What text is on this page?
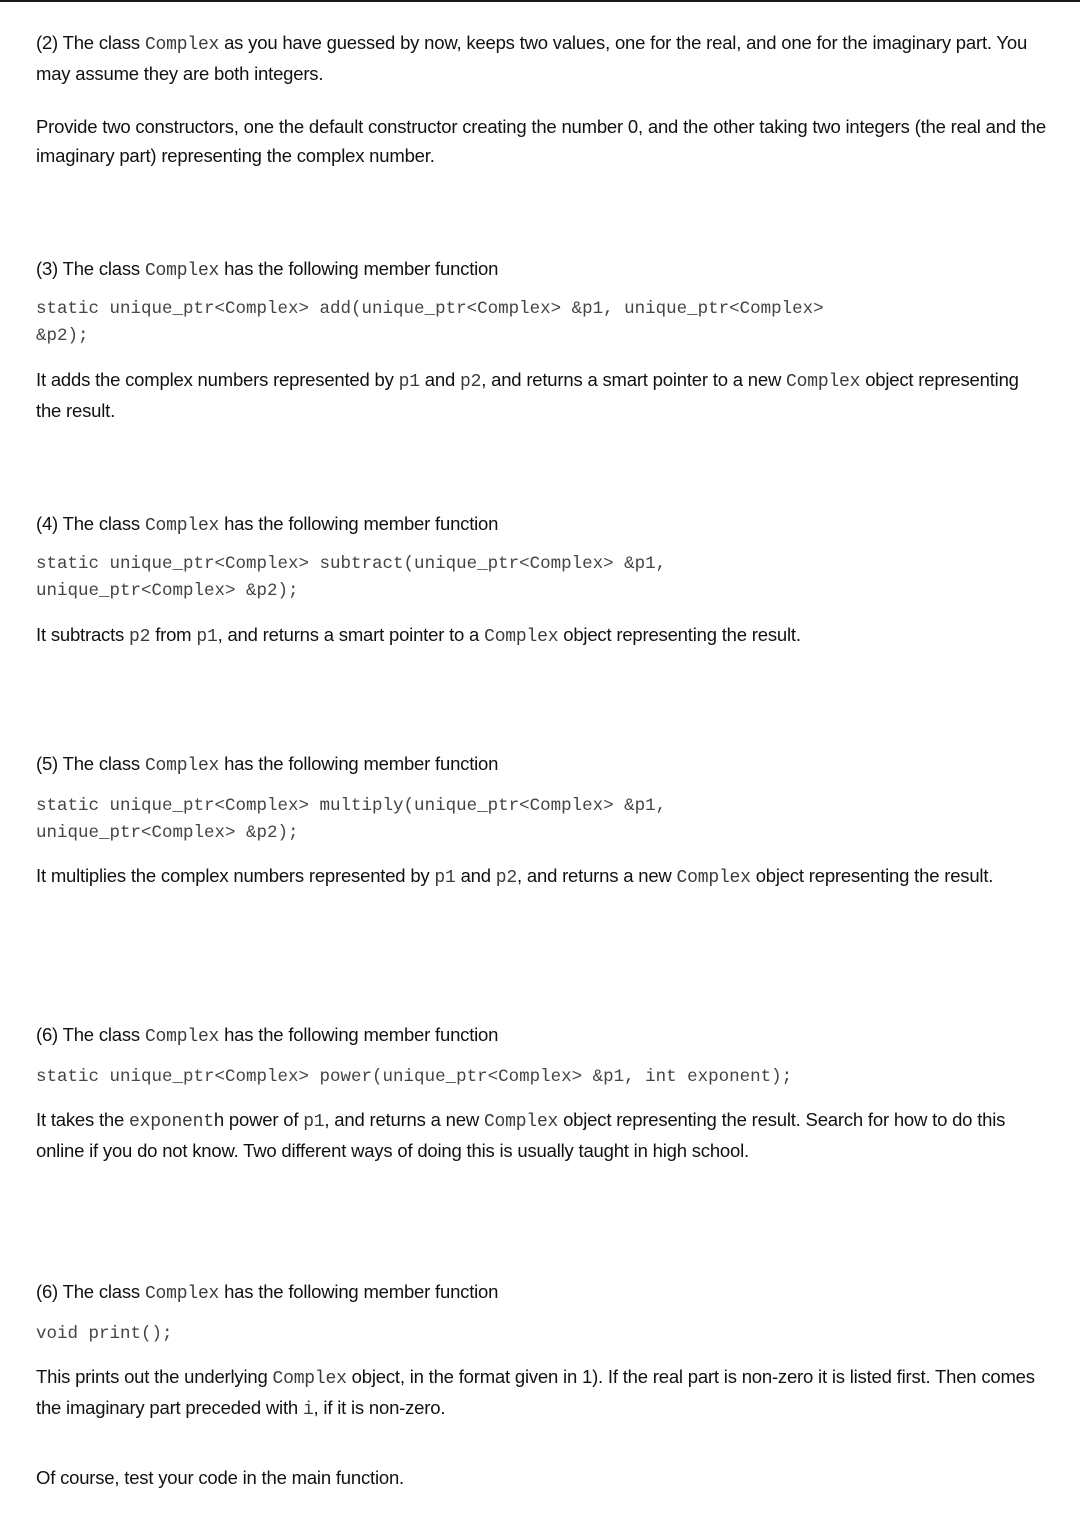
(2) The class Complex as you have guessed by now, keeps two values, one for the real, and one for the imaginary part. You may assume they are both integers.

Provide two constructors, one the default constructor creating the number 0, and the other taking two integers (the real and the imaginary part) representing the complex number.

(3) The class Complex has the following member function

static unique_ptr<Complex> add(unique_ptr<Complex> &p1, unique_ptr<Complex>
&p2);

It adds the complex numbers represented by p1 and p2, and returns a smart pointer to a new Complex object representing the result.

(4) The class Complex has the following member function

static unique_ptr<Complex> subtract(unique_ptr<Complex> &p1,
unique_ptr<Complex> &p2);

It subtracts p2 from p1, and returns a smart pointer to a Complex object representing the result.

(5) The class Complex has the following member function

static unique_ptr<Complex> multiply(unique_ptr<Complex> &p1,
unique_ptr<Complex> &p2);

It multiplies the complex numbers represented by p1 and p2, and returns a new Complex object representing the result.

(6) The class Complex has the following member function

static unique_ptr<Complex> power(unique_ptr<Complex> &p1, int exponent);

It takes the exponenth power of p1, and returns a new Complex object representing the result. Search for how to do this online if you do not know. Two different ways of doing this is usually taught in high school.

(6) The class Complex has the following member function

void print();

This prints out the underlying Complex object, in the format given in 1). If the real part is non-zero it is listed first. Then comes the imaginary part preceded with i, if it is non-zero.

Of course, test your code in the main function.
